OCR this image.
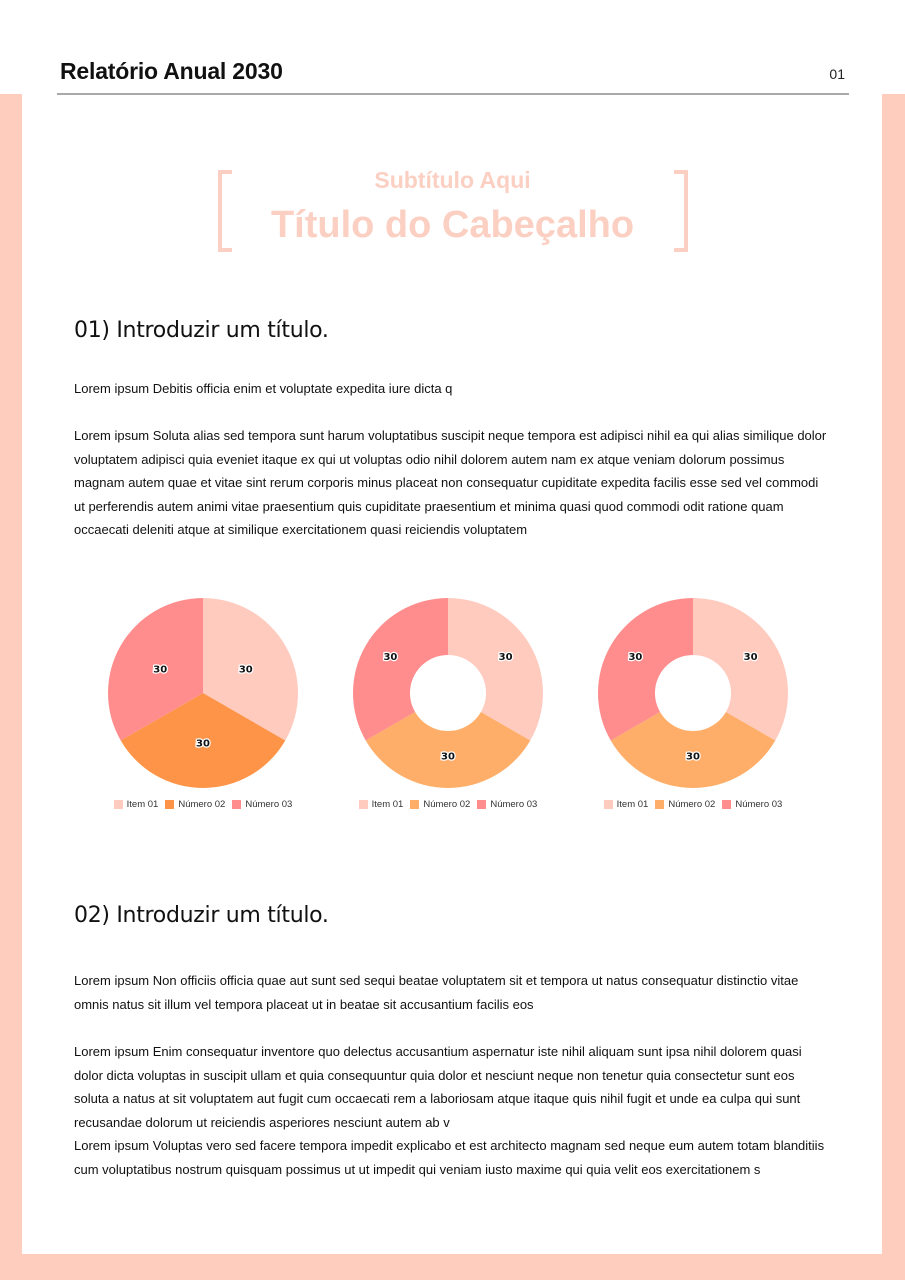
Relatório Anual 2030	01
Subtítulo Aqui
Título do Cabeçalho
01) Introduzir um título.

Lorem ipsum Debitis officia enim et voluptate expedita iure dicta q

Lorem ipsum Soluta alias sed tempora sunt harum voluptatibus suscipit neque tempora est adipisci nihil ea qui alias similique dolor voluptatem adipisci quia eveniet itaque ex qui ut voluptas odio nihil dolorem autem nam ex atque veniam dolorum possimus magnam autem quae et vitae sint rerum corporis minus placeat non consequatur cupiditate expedita facilis esse sed vel commodi ut perferendis autem animi vitae praesentium quis cupiditate praesentium et minima quasi quod commodi odit ratione quam occaecati deleniti atque at similique exercitationem quasi reiciendis voluptatem

30
30
30
Item 01 Número 02 Número 03
30
30
30
Item 01 Número 02 Número 03
30
30
30
Item 01 Número 02 Número 03
02) Introduzir um título.

Lorem ipsum Non officiis officia quae aut sunt sed sequi beatae voluptatem sit et tempora ut natus consequatur distinctio vitae omnis natus sit illum vel tempora placeat ut in beatae sit accusantium facilis eos

Lorem ipsum Enim consequatur inventore quo delectus accusantium aspernatur iste nihil aliquam sunt ipsa nihil dolorem quasi dolor dicta voluptas in suscipit ullam et quia consequuntur quia dolor et nesciunt neque non tenetur quia consectetur sunt eos soluta a natus at sit voluptatem aut fugit cum occaecati rem a laboriosam atque itaque quis nihil fugit et unde ea culpa qui sunt recusandae dolorum ut reiciendis asperiores nesciunt autem ab v

Lorem ipsum Voluptas vero sed facere tempora impedit explicabo et est architecto magnam sed neque eum autem totam blanditiis cum voluptatibus nostrum quisquam possimus ut ut impedit qui veniam iusto maxime qui quia velit eos exercitationem s
